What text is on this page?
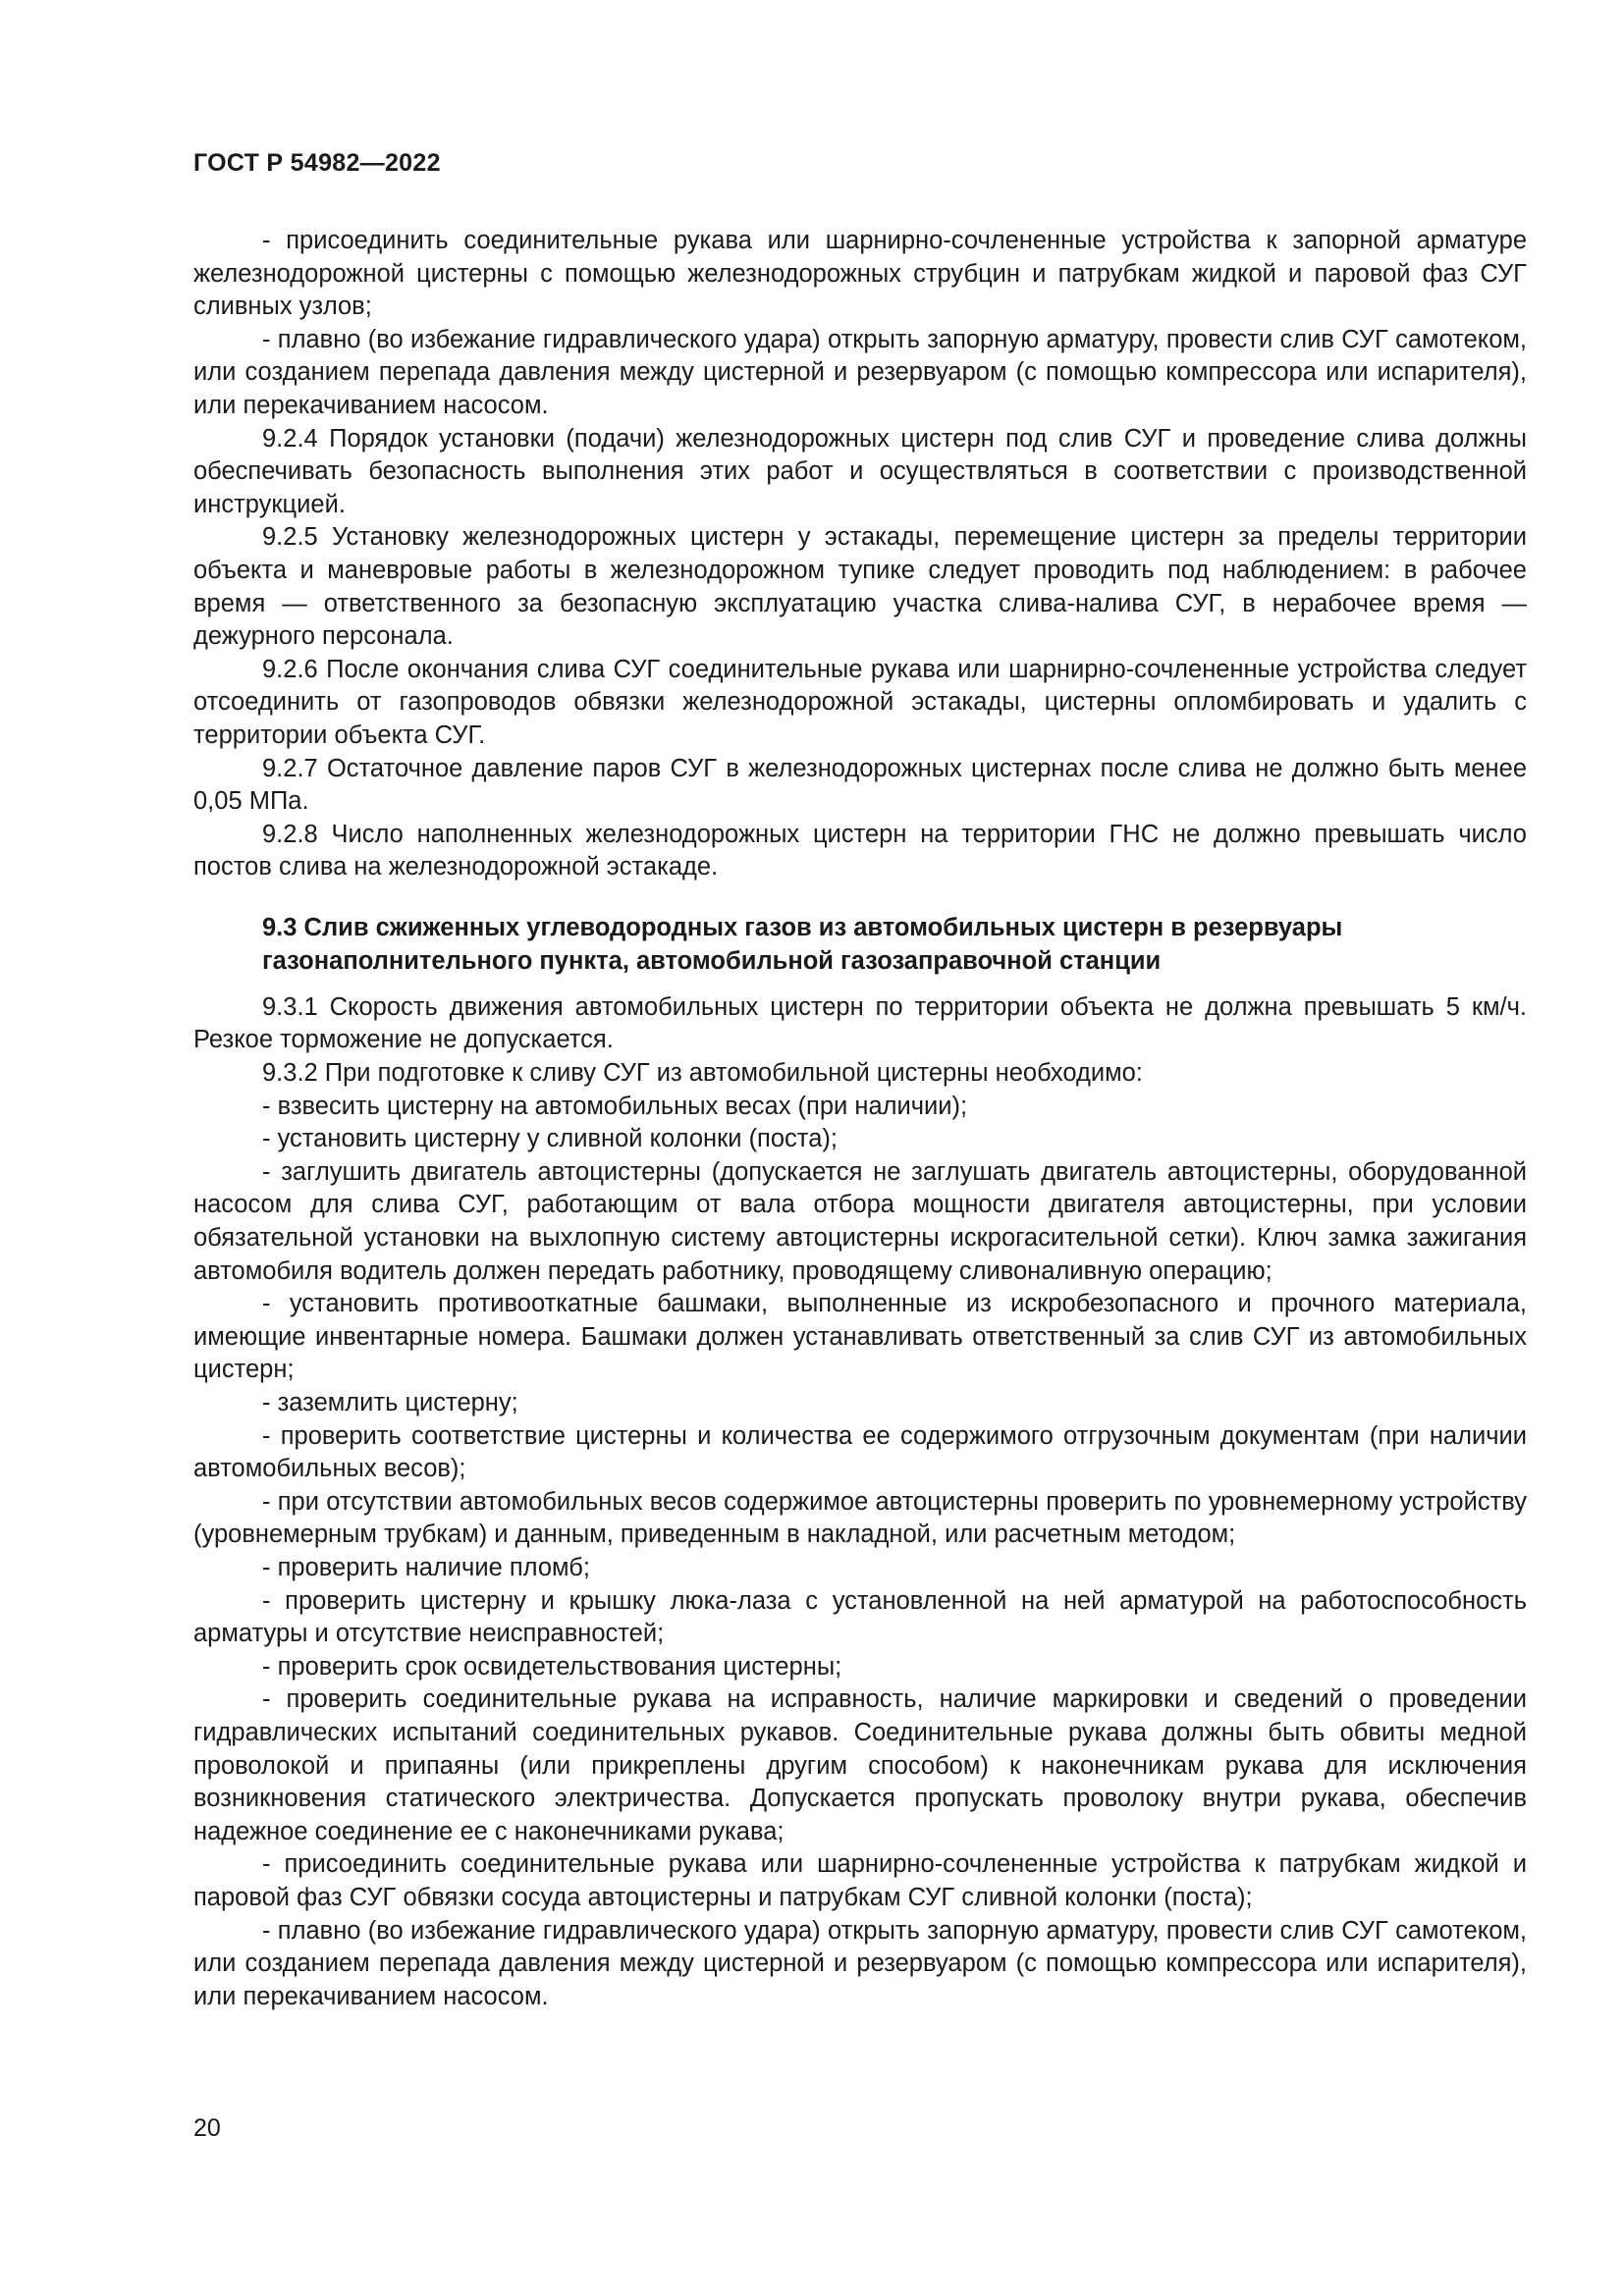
ГОСТ Р 54982—2022

- присоединить соединительные рукава или шарнирно-сочлененные устройства к запорной арматуре железнодорожной цистерны с помощью железнодорожных струбцин и патрубкам жидкой и паровой фаз СУГ сливных узлов;

- плавно (во избежание гидравлического удара) открыть запорную арматуру, провести слив СУГ самотеком, или созданием перепада давления между цистерной и резервуаром (с помощью компрессора или испарителя), или перекачиванием насосом.

9.2.4 Порядок установки (подачи) железнодорожных цистерн под слив СУГ и проведение слива должны обеспечивать безопасность выполнения этих работ и осуществляться в соответствии с производственной инструкцией.

9.2.5 Установку железнодорожных цистерн у эстакады, перемещение цистерн за пределы территории объекта и маневровые работы в железнодорожном тупике следует проводить под наблюдением: в рабочее время — ответственного за безопасную эксплуатацию участка слива-налива СУГ, в нерабочее время — дежурного персонала.

9.2.6 После окончания слива СУГ соединительные рукава или шарнирно-сочлененные устройства следует отсоединить от газопроводов обвязки железнодорожной эстакады, цистерны опломбировать и удалить с территории объекта СУГ.

9.2.7 Остаточное давление паров СУГ в железнодорожных цистернах после слива не должно быть менее 0,05 МПа.

9.2.8 Число наполненных железнодорожных цистерн на территории ГНС не должно превышать число постов слива на железнодорожной эстакаде.

9.3 Слив сжиженных углеводородных газов из автомобильных цистерн в резервуары газонаполнительного пункта, автомобильной газозаправочной станции

9.3.1 Скорость движения автомобильных цистерн по территории объекта не должна превышать 5 км/ч. Резкое торможение не допускается.

9.3.2 При подготовке к сливу СУГ из автомобильной цистерны необходимо:

- взвесить цистерну на автомобильных весах (при наличии);

- установить цистерну у сливной колонки (поста);

- заглушить двигатель автоцистерны (допускается не заглушать двигатель автоцистерны, оборудованной насосом для слива СУГ, работающим от вала отбора мощности двигателя автоцистерны, при условии обязательной установки на выхлопную систему автоцистерны искрогасительной сетки). Ключ замка зажигания автомобиля водитель должен передать работнику, проводящему сливоналивную операцию;

- установить противооткатные башмаки, выполненные из искробезопасного и прочного материала, имеющие инвентарные номера. Башмаки должен устанавливать ответственный за слив СУГ из автомобильных цистерн;

- заземлить цистерну;

- проверить соответствие цистерны и количества ее содержимого отгрузочным документам (при наличии автомобильных весов);

- при отсутствии автомобильных весов содержимое автоцистерны проверить по уровнемерному устройству (уровнемерным трубкам) и данным, приведенным в накладной, или расчетным методом;

- проверить наличие пломб;

- проверить цистерну и крышку люка-лаза с установленной на ней арматурой на работоспособность арматуры и отсутствие неисправностей;

- проверить срок освидетельствования цистерны;

- проверить соединительные рукава на исправность, наличие маркировки и сведений о проведении гидравлических испытаний соединительных рукавов. Соединительные рукава должны быть обвиты медной проволокой и припаяны (или прикреплены другим способом) к наконечникам рукава для исключения возникновения статического электричества. Допускается пропускать проволоку внутри рукава, обеспечив надежное соединение ее с наконечниками рукава;

- присоединить соединительные рукава или шарнирно-сочлененные устройства к патрубкам жидкой и паровой фаз СУГ обвязки сосуда автоцистерны и патрубкам СУГ сливной колонки (поста);

- плавно (во избежание гидравлического удара) открыть запорную арматуру, провести слив СУГ самотеком, или созданием перепада давления между цистерной и резервуаром (с помощью компрессора или испарителя), или перекачиванием насосом.

20
